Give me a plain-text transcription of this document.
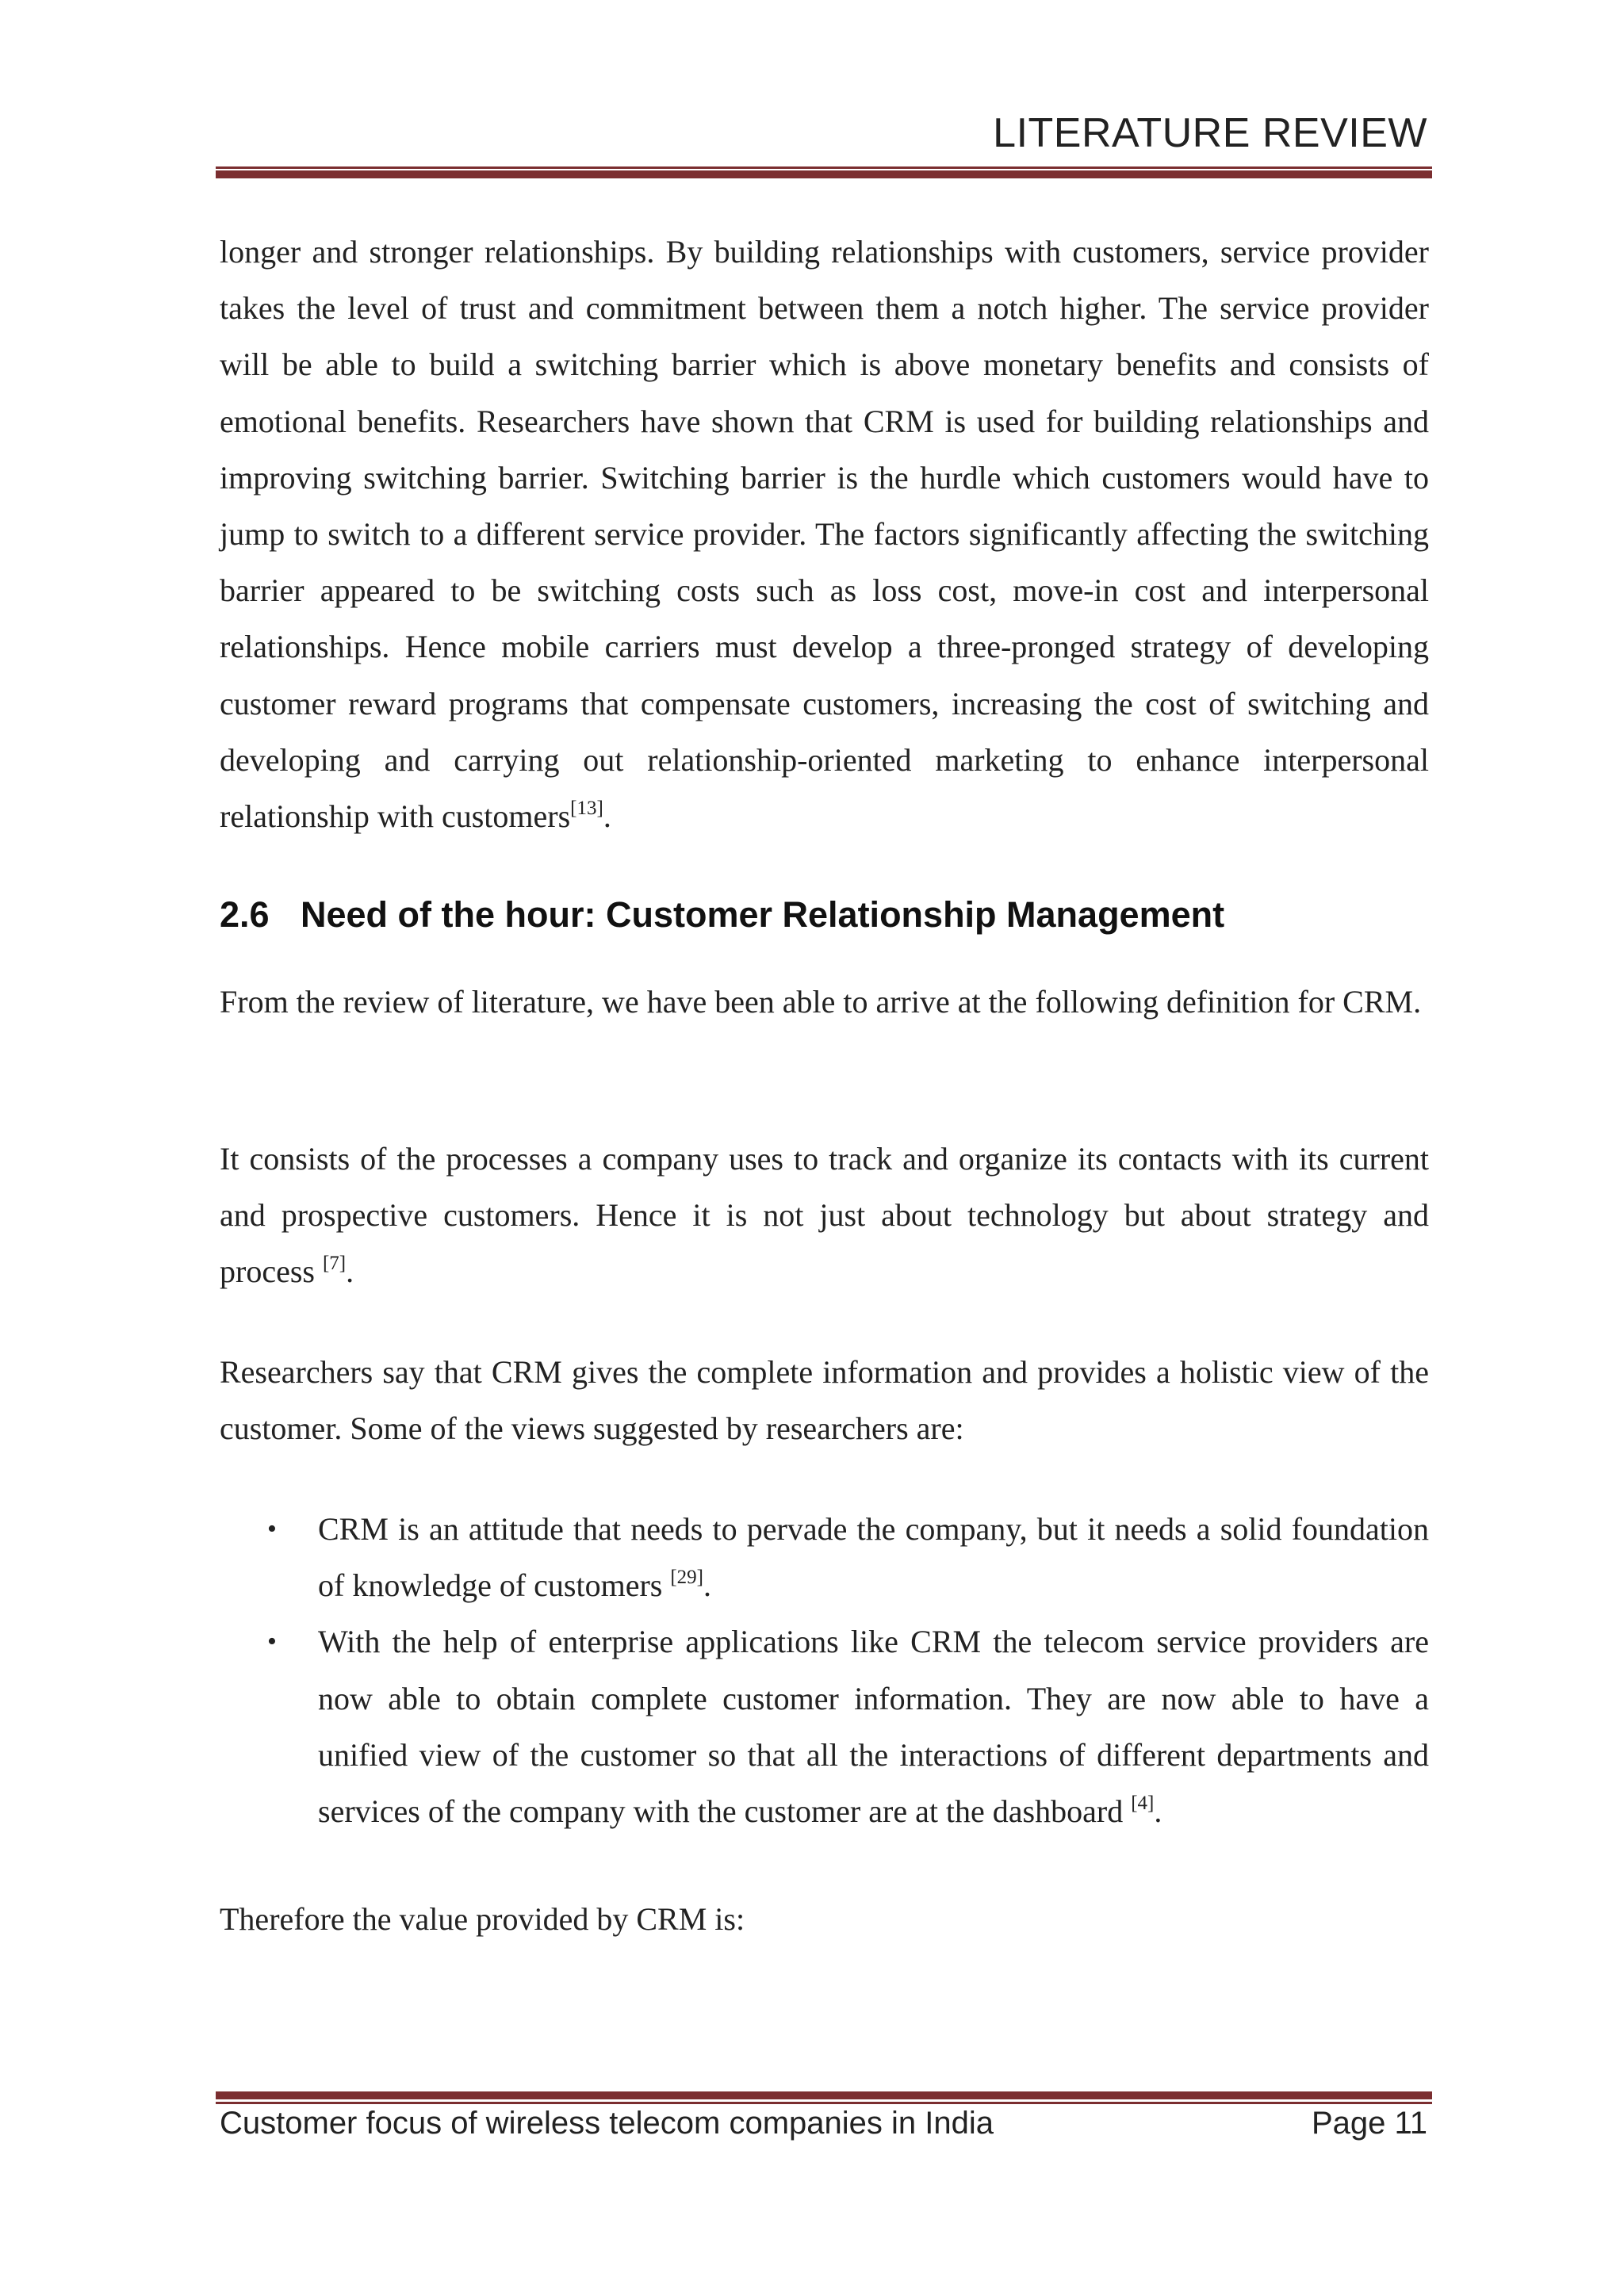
LITERATURE REVIEW

longer and stronger relationships. By building relationships with customers, service provider takes the level of trust and commitment between them a notch higher. The service provider will be able to build a switching barrier which is above monetary benefits and consists of emotional benefits. Researchers have shown that CRM is used for building relationships and improving switching barrier. Switching barrier is the hurdle which customers would have to jump to switch to a different service provider. The factors significantly affecting the switching barrier appeared to be switching costs such as loss cost, move-in cost and interpersonal relationships. Hence mobile carriers must develop a three-pronged strategy of developing customer reward programs that compensate customers, increasing the cost of switching and developing and carrying out relationship-oriented marketing to enhance interpersonal relationship with customers[13].

2.6 Need of the hour: Customer Relationship Management

From the review of literature, we have been able to arrive at the following definition for CRM.

It consists of the processes a company uses to track and organize its contacts with its current and prospective customers. Hence it is not just about technology but about strategy and process [7].

Researchers say that CRM gives the complete information and provides a holistic view of the customer. Some of the views suggested by researchers are:

• CRM is an attitude that needs to pervade the company, but it needs a solid foundation of knowledge of customers [29].
• With the help of enterprise applications like CRM the telecom service providers are now able to obtain complete customer information. They are now able to have a unified view of the customer so that all the interactions of different departments and services of the company with the customer are at the dashboard [4].

Therefore the value provided by CRM is:

Customer focus of wireless telecom companies in India	Page 11
